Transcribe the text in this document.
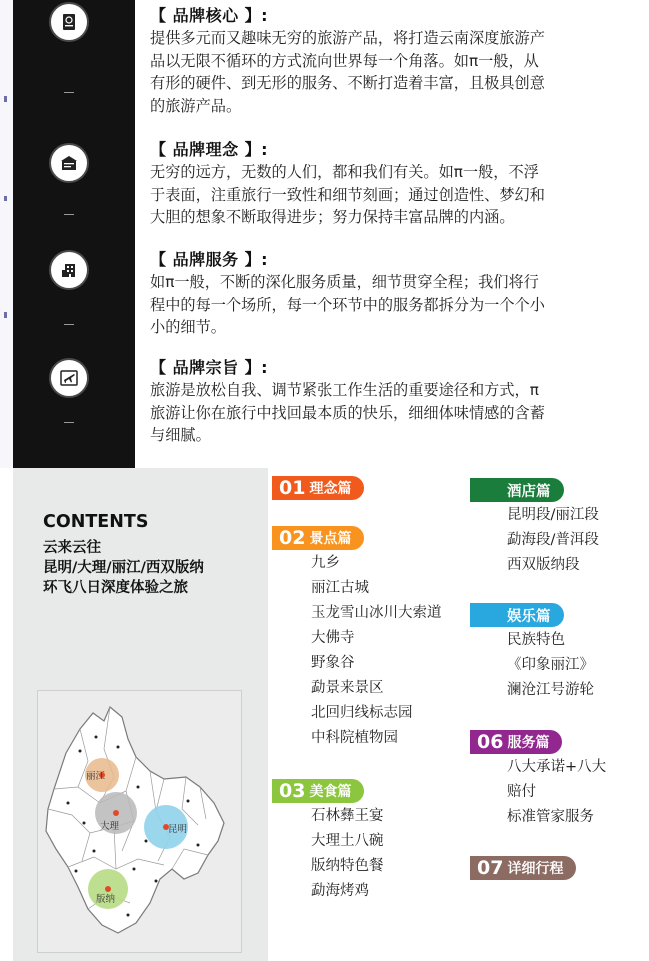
【 品牌核心 】:
提供多元而又趣味无穷的旅游产品，将打造云南深度旅游产
品以无限不循环的方式流向世界每一个角落。如π一般，从
有形的硬件、到无形的服务、不断打造着丰富，且极具创意
的旅游产品。
【 品牌理念 】:
无穷的远方，无数的人们，都和我们有关。如π一般，不浮
于表面，注重旅行一致性和细节刻画；通过创造性、梦幻和
大胆的想象不断取得进步；努力保持丰富品牌的内涵。
【 品牌服务 】:
如π一般，不断的深化服务质量，细节贯穿全程；我们将行
程中的每一个场所，每一个环节中的服务都拆分为一个个小
小的细节。
【 品牌宗旨 】:
旅游是放松自我、调节紧张工作生活的重要途径和方式，π
旅游让你在旅行中找回最本质的快乐，细细体味情感的含蓄
与细腻。
CONTENTS
云来云往
昆明/大理/丽江/西双版纳
环飞八日深度体验之旅
丽江
大理	昆明
版纳
01 理念篇
02 景点篇
九乡
丽江古城
玉龙雪山冰川大索道
大佛寺
野象谷
勐景来景区
北回归线标志园
中科院植物园
03 美食篇
石林彝王宴
大理土八碗
版纳特色餐
勐海烤鸡
酒店篇
昆明段/丽江段
勐海段/普洱段
西双版纳段
娱乐篇
民族特色
《印象丽江》
澜沧江号游轮
06 服务篇
八大承诺+八大
赔付
标准管家服务
07 详细行程
